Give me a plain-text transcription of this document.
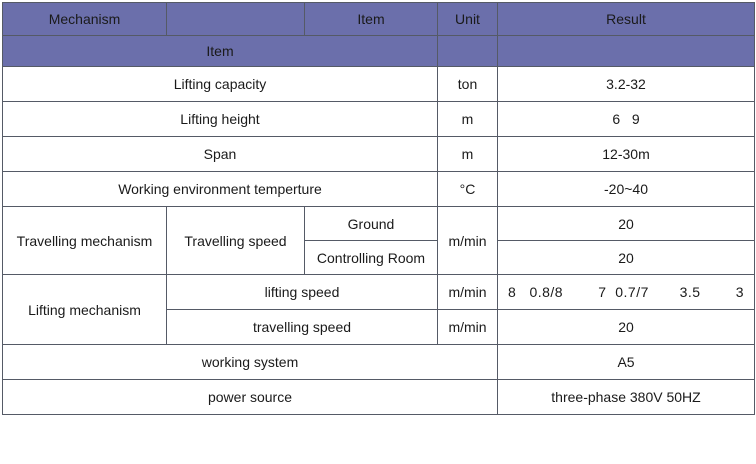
Mechanism		Item	Unit	Result
Item				
Lifting capacity			ton	3.2-32
Lifting height			m	6   9
Span			m	12-30m
Working environment temperture			°C	-20~40
Travelling mechanism	Travelling speed	Ground	m/min	20
		Controlling Room		20
Lifting mechanism	lifting speed		m/min	8   0.8/8        7  0.7/7       3.5        3
	travelling speed		m/min	20
working system				A5
power source				three-phase 380V 50HZ
